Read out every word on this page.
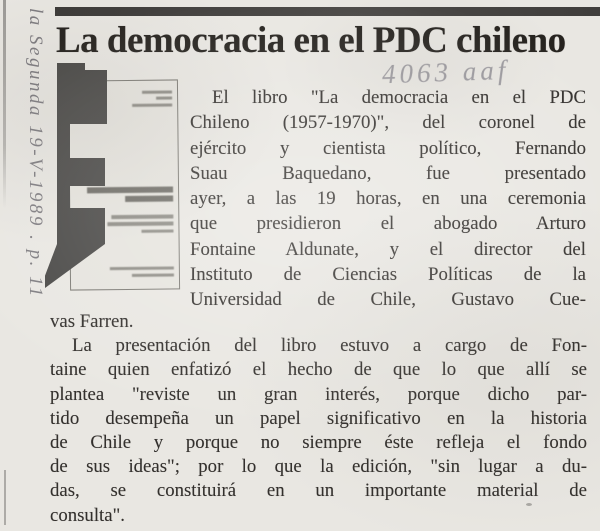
La democracia en el PDC chileno
la Segunda 19-V-1989 . p. 11	4063 aaf
El libro "La democracia en el PDC
Chileno (1957-1970)", del coronel de
ejército y cientista político, Fernando
Suau Baquedano, fue presentado
ayer, a las 19 horas, en una ceremonia
que presidieron el abogado Arturo
Fontaine Aldunate, y el director del
Instituto de Ciencias Políticas de la
Universidad de Chile, Gustavo Cue-
vas Farren.
La presentación del libro estuvo a cargo de Fon-
taine quien enfatizó el hecho de que lo que allí se
plantea "reviste un gran interés, porque dicho par-
tido desempeña un papel significativo en la historia
de Chile y porque no siempre éste refleja el fondo
de sus ideas"; por lo que la edición, "sin lugar a du-
das, se constituirá en un importante material de
consulta".
